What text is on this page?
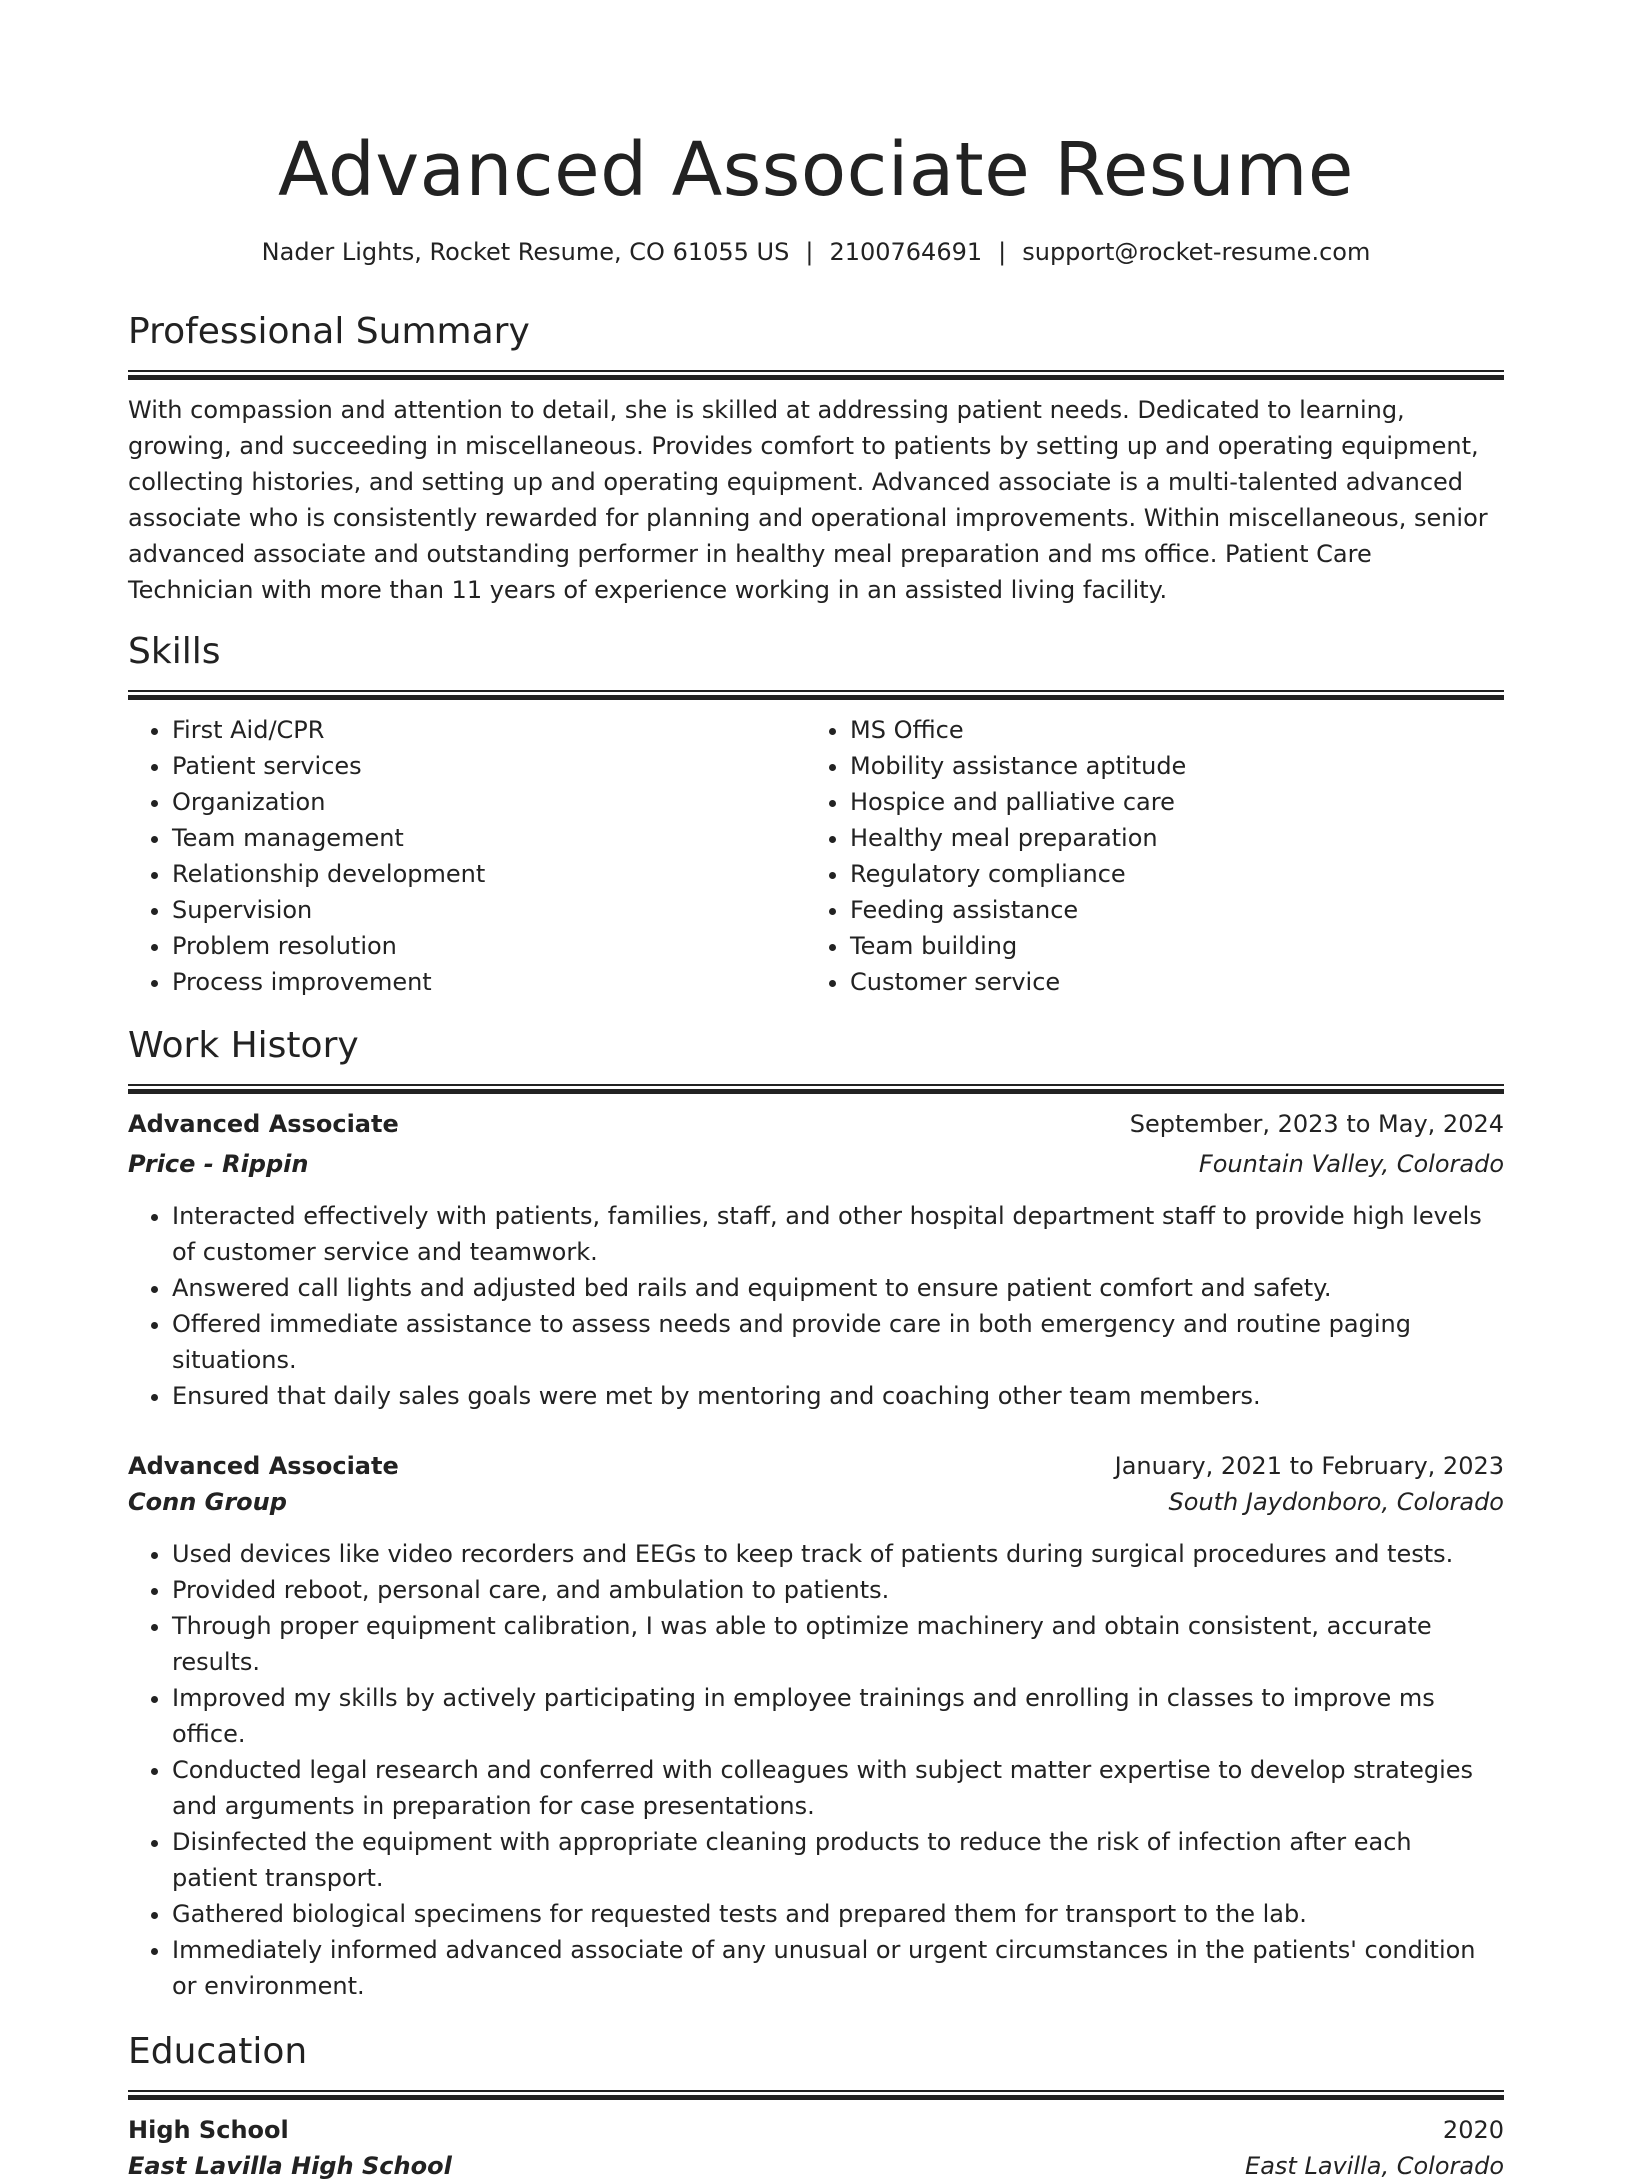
Advanced Associate Resume
Nader Lights, Rocket Resume, CO 61055 US | 2100764691 | support@rocket-resume.com
Professional Summary

With compassion and attention to detail, she is skilled at addressing patient needs. Dedicated to learning, growing, and succeeding in miscellaneous. Provides comfort to patients by setting up and operating equipment, collecting histories, and setting up and operating equipment. Advanced associate is a multi-talented advanced associate who is consistently rewarded for planning and operational improvements. Within miscellaneous, senior advanced associate and outstanding performer in healthy meal preparation and ms office. Patient Care Technician with more than 11 years of experience working in an assisted living facility.

Skills
• First Aid/CPR
• Patient services
• Organization
• Team management
• Relationship development
• Supervision
• Problem resolution
• Process improvement
• MS Office
• Mobility assistance aptitude
• Hospice and palliative care
• Healthy meal preparation
• Regulatory compliance
• Feeding assistance
• Team building
• Customer service
Work History
Advanced Associate	September, 2023 to May, 2024
Price - Rippin	Fountain Valley, Colorado
• Interacted effectively with patients, families, staff, and other hospital department staff to provide high levels of customer service and teamwork.
• Answered call lights and adjusted bed rails and equipment to ensure patient comfort and safety.
• Offered immediate assistance to assess needs and provide care in both emergency and routine paging situations.
• Ensured that daily sales goals were met by mentoring and coaching other team members.
Advanced Associate	January, 2021 to February, 2023
Conn Group	South Jaydonboro, Colorado
• Used devices like video recorders and EEGs to keep track of patients during surgical procedures and tests.
• Provided reboot, personal care, and ambulation to patients.
• Through proper equipment calibration, I was able to optimize machinery and obtain consistent, accurate results.
• Improved my skills by actively participating in employee trainings and enrolling in classes to improve ms office.
• Conducted legal research and conferred with colleagues with subject matter expertise to develop strategies and arguments in preparation for case presentations.
• Disinfected the equipment with appropriate cleaning products to reduce the risk of infection after each patient transport.
• Gathered biological specimens for requested tests and prepared them for transport to the lab.
• Immediately informed advanced associate of any unusual or urgent circumstances in the patients' condition or environment.
Education
High School	2020
East Lavilla High School	East Lavilla, Colorado
